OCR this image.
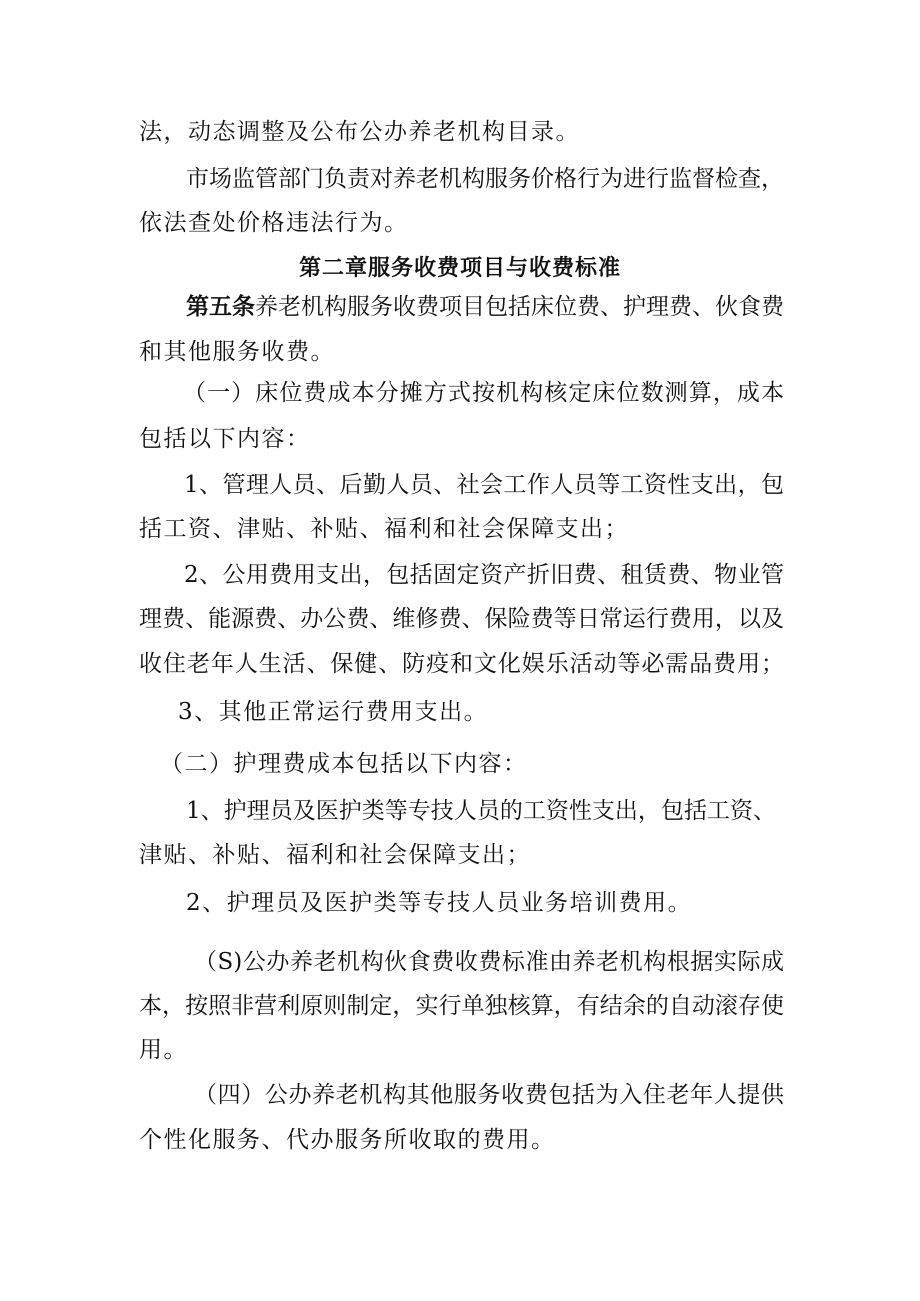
法，动态调整及公布公办养老机构目录。
市场监管部门负责对养老机构服务价格行为进行监督检查，
依法查处价格违法行为。
第二章服务收费项目与收费标准
第五条养老机构服务收费项目包括床位费、护理费、伙食费
和其他服务收费。
（一）床位费成本分摊方式按机构核定床位数测算，成本
包括以下内容：
1、管理人员、后勤人员、社会工作人员等工资性支出，包
括工资、津贴、补贴、福利和社会保障支出；
2、公用费用支出，包括固定资产折旧费、租赁费、物业管
理费、能源费、办公费、维修费、保险费等日常运行费用，以及
收住老年人生活、保健、防疫和文化娱乐活动等必需品费用；
3、其他正常运行费用支出。
（二）护理费成本包括以下内容：
1、护理员及医护类等专技人员的工资性支出，包括工资、
津贴、补贴、福利和社会保障支出；
2、护理员及医护类等专技人员业务培训费用。
（S)公办养老机构伙食费收费标准由养老机构根据实际成
本，按照非营利原则制定，实行单独核算，有结余的自动滚存使
用。
（四）公办养老机构其他服务收费包括为入住老年人提供
个性化服务、代办服务所收取的费用。
